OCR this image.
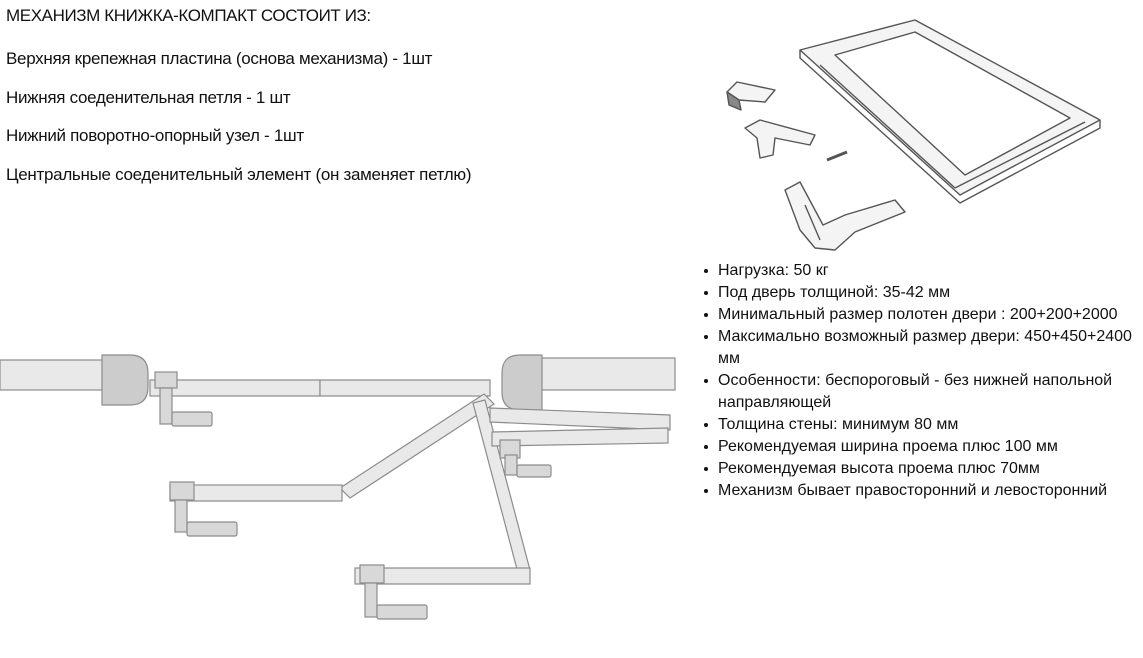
МЕХАНИЗМ КНИЖКА-КОМПАКТ СОСТОИТ ИЗ:
Верхняя крепежная пластина (основа механизма) - 1шт
Нижняя соеденительная петля - 1 шт
Нижний поворотно-опорный узел - 1шт
Центральные соеденительный элемент (он заменяет петлю)
Нагрузка: 50 кг
Под дверь толщиной: 35-42 мм
Минимальный размер полотен двери : 200+200+2000
Максимально возможный размер двери: 450+450+2400 мм
Особенности: беспороговый - без нижней напольной направляющей
Толщина стены: минимум 80 мм
Рекомендуемая ширина проема плюс 100 мм
Рекомендуемая высота проема плюс 70мм
Механизм бывает правосторонний и левосторонний
